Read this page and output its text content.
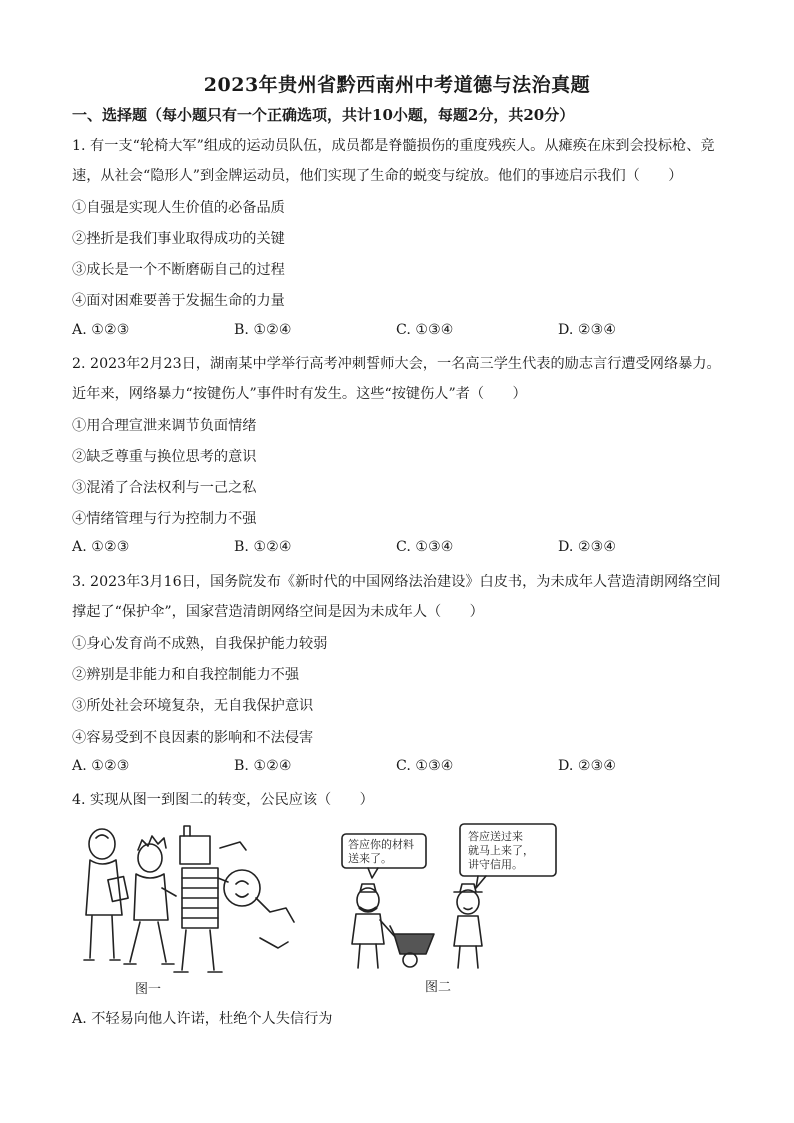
2023年贵州省黔西南州中考道德与法治真题
一、选择题（每小题只有一个正确选项，共计10小题，每题2分，共20分）
1. 有一支“轮椅大军”组成的运动员队伍，成员都是脊髓损伤的重度残疾人。从瘫痪在床到会投标枪、竞
速，从社会“隐形人”到金牌运动员，他们实现了生命的蜕变与绽放。他们的事迹启示我们（　　）
①自强是实现人生价值的必备品质
②挫折是我们事业取得成功的关键
③成长是一个不断磨砺自己的过程
④面对困难要善于发掘生命的力量
A. ①②③	B. ①②④	C. ①③④	D. ②③④
2. 2023年2月23日，湖南某中学举行高考冲刺誓师大会，一名高三学生代表的励志言行遭受网络暴力。
近年来，网络暴力“按键伤人”事件时有发生。这些“按键伤人”者（　　）
①用合理宣泄来调节负面情绪
②缺乏尊重与换位思考的意识
③混淆了合法权利与一己之私
④情绪管理与行为控制力不强
A. ①②③	B. ①②④	C. ①③④	D. ②③④
3. 2023年3月16日，国务院发布《新时代的中国网络法治建设》白皮书，为未成年人营造清朗网络空间
撑起了“保护伞”，国家营造清朗网络空间是因为未成年人（　　）
①身心发育尚不成熟，自我保护能力较弱
②辨别是非能力和自我控制能力不强
③所处社会环境复杂，无自我保护意识
④容易受到不良因素的影响和不法侵害
A. ①②③	B. ①②④	C. ①③④	D. ②③④
4. 实现从图一到图二的转变，公民应该（　　）
图一
答应你的材料
送来了。
答应送过来
就马上来了，
讲守信用。
图二
A. 不轻易向他人许诺，杜绝个人失信行为
